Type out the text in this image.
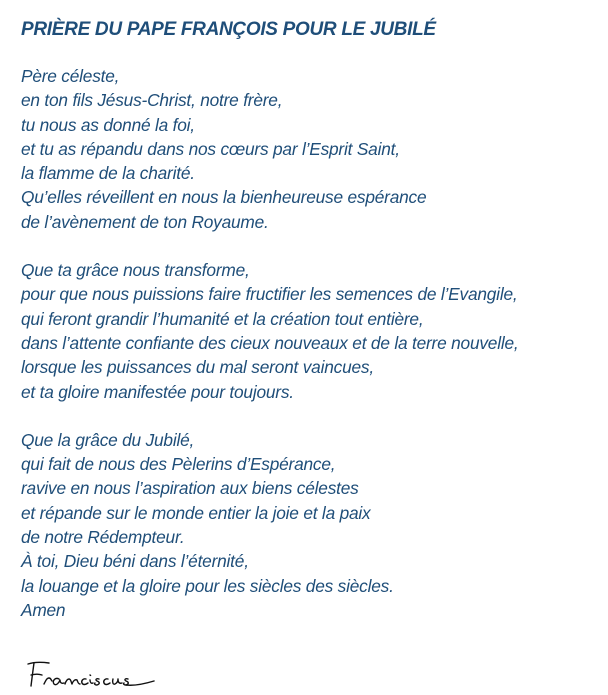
PRIÈRE DU PAPE FRANÇOIS POUR LE JUBILÉ
Père céleste,
en ton fils Jésus-Christ, notre frère,
tu nous as donné la foi,
et tu as répandu dans nos cœurs par l’Esprit Saint,
la flamme de la charité.
Qu’elles réveillent en nous la bienheureuse espérance
de l’avènement de ton Royaume.
Que ta grâce nous transforme,
pour que nous puissions faire fructifier les semences de l’Evangile,
qui feront grandir l’humanité et la création tout entière,
dans l’attente confiante des cieux nouveaux et de la terre nouvelle,
lorsque les puissances du mal seront vaincues,
et ta gloire manifestée pour toujours.
Que la grâce du Jubilé,
qui fait de nous des Pèlerins d’Espérance,
ravive en nous l’aspiration aux biens célestes
et répande sur le monde entier la joie et la paix
de notre Rédempteur.
À toi, Dieu béni dans l’éternité,
la louange et la gloire pour les siècles des siècles.
Amen
